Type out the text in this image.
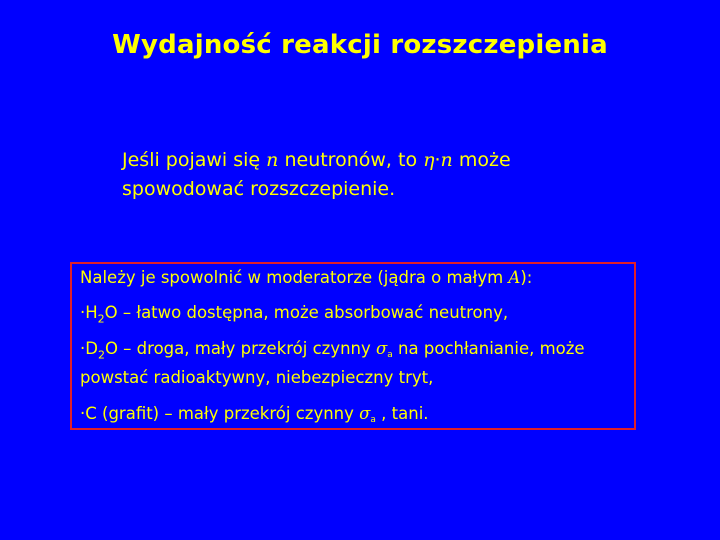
Wydajność reakcji rozszczepienia
Jeśli pojawi się n neutronów, to η·n może
spowodować rozszczepienie.

Należy je spowolnić w moderatorze (jądra o małym A):

$\cdot H_2O$ – łatwo dostępna, może absorbować neutrony,

$\cdot D_2O$ – droga, mały przekrój czynny σa na pochłanianie, może
powstać radioaktywny, niebezpieczny tryt,

·C (grafit) – mały przekrój czynny σa , tani.
